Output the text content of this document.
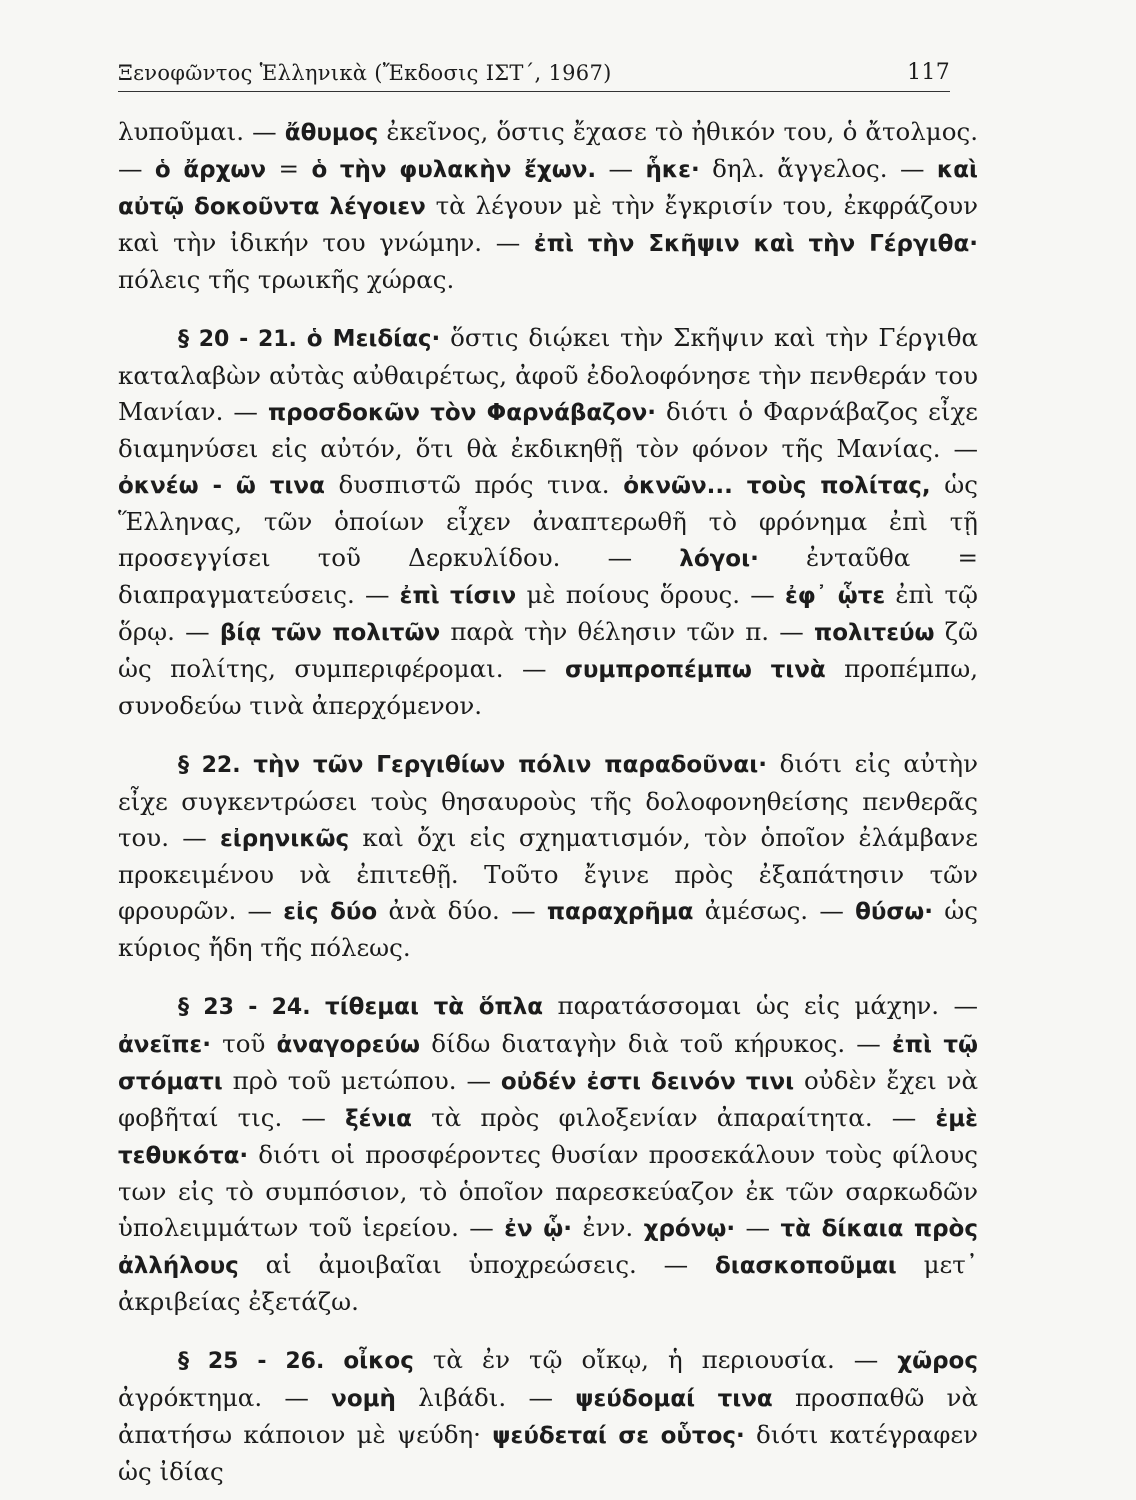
Ξενοφῶντος Ἑλληνικὰ (Ἔκδοσις ΙΣΤ΄, 1967)	117

λυποῦμαι. — ἄθυμος ἐκεῖνος, ὅστις ἔχασε τὸ ἠθικόν του, ὁ ἄτολμος. — ὁ ἄρχων = ὁ τὴν φυλακὴν ἔχων. — ἧκε· δηλ. ἄγγελος. — καὶ αὐτῷ δοκοῦντα λέγοιεν τὰ λέγουν μὲ τὴν ἔγκρισίν του, ἐκφράζουν καὶ τὴν ἰδικήν του γνώμην. — ἐπὶ τὴν Σκῆψιν καὶ τὴν Γέργιθα· πόλεις τῆς τρωικῆς χώρας.

§ 20 - 21. ὁ Μειδίας· ὅστις διῴκει τὴν Σκῆψιν καὶ τὴν Γέργιθα καταλαβὼν αὐτὰς αὐθαιρέτως, ἀφοῦ ἐδολοφόνησε τὴν πενθεράν του Μανίαν. — προσδοκῶν τὸν Φαρνάβαζον· διότι ὁ Φαρνάβαζος εἶχε διαμηνύσει εἰς αὐτόν, ὅτι θὰ ἐκδικηθῇ τὸν φόνον τῆς Μανίας. — ὀκνέω - ῶ τινα δυσπιστῶ πρός τινα. ὀκνῶν... τοὺς πολίτας, ὡς Ἕλληνας, τῶν ὁποίων εἶχεν ἀναπτερωθῆ τὸ φρόνημα ἐπὶ τῇ προσεγγίσει τοῦ Δερκυλίδου. — λόγοι· ἐνταῦθα = διαπραγματεύσεις. — ἐπὶ τίσιν μὲ ποίους ὅρους. — ἐφ᾽ ᾧτε ἐπὶ τῷ ὅρῳ. — βίᾳ τῶν πολιτῶν παρὰ τὴν θέλησιν τῶν π. — πολιτεύω ζῶ ὡς πολίτης, συμπεριφέρομαι. — συμπροπέμπω τινὰ προπέμπω, συνοδεύω τινὰ ἀπερχόμενον.

§ 22. τὴν τῶν Γεργιθίων πόλιν παραδοῦναι· διότι εἰς αὐτὴν εἶχε συγκεντρώσει τοὺς θησαυροὺς τῆς δολοφονηθείσης πενθερᾶς του. — εἰρηνικῶς καὶ ὄχι εἰς σχηματισμόν, τὸν ὁποῖον ἐλάμβανε προκειμένου νὰ ἐπιτεθῇ. Τοῦτο ἔγινε πρὸς ἐξαπάτησιν τῶν φρουρῶν. — εἰς δύο ἀνὰ δύο. — παραχρῆμα ἀμέσως. — θύσω· ὡς κύριος ἤδη τῆς πόλεως.

§ 23 - 24. τίθεμαι τὰ ὅπλα παρατάσσομαι ὡς εἰς μάχην. — ἀνεῖπε· τοῦ ἀναγορεύω δίδω διαταγὴν διὰ τοῦ κήρυκος. — ἐπὶ τῷ στόματι πρὸ τοῦ μετώπου. — οὐδέν ἐστι δεινόν τινι οὐδὲν ἔχει νὰ φοβῆταί τις. — ξένια τὰ πρὸς φιλοξενίαν ἀπαραίτητα. — ἐμὲ τεθυκότα· διότι οἱ προσφέροντες θυσίαν προσεκάλουν τοὺς φίλους των εἰς τὸ συμπόσιον, τὸ ὁποῖον παρεσκεύαζον ἐκ τῶν σαρκωδῶν ὑπολειμμάτων τοῦ ἱερείου. — ἐν ᾧ· ἐνν. χρόνῳ· — τὰ δίκαια πρὸς ἀλλήλους αἱ ἀμοιβαῖαι ὑποχρεώσεις. — διασκοποῦμαι μετ᾽ ἀκριβείας ἐξετάζω.

§ 25 - 26. οἶκος τὰ ἐν τῷ οἴκῳ, ἡ περιουσία. — χῶρος ἀγρόκτημα. — νομὴ λιβάδι. — ψεύδομαί τινα προσπαθῶ νὰ ἀπατήσω κάποιον μὲ ψεύδη· ψεύδεταί σε οὗτος· διότι κατέγραφεν ὡς ἰδίας
